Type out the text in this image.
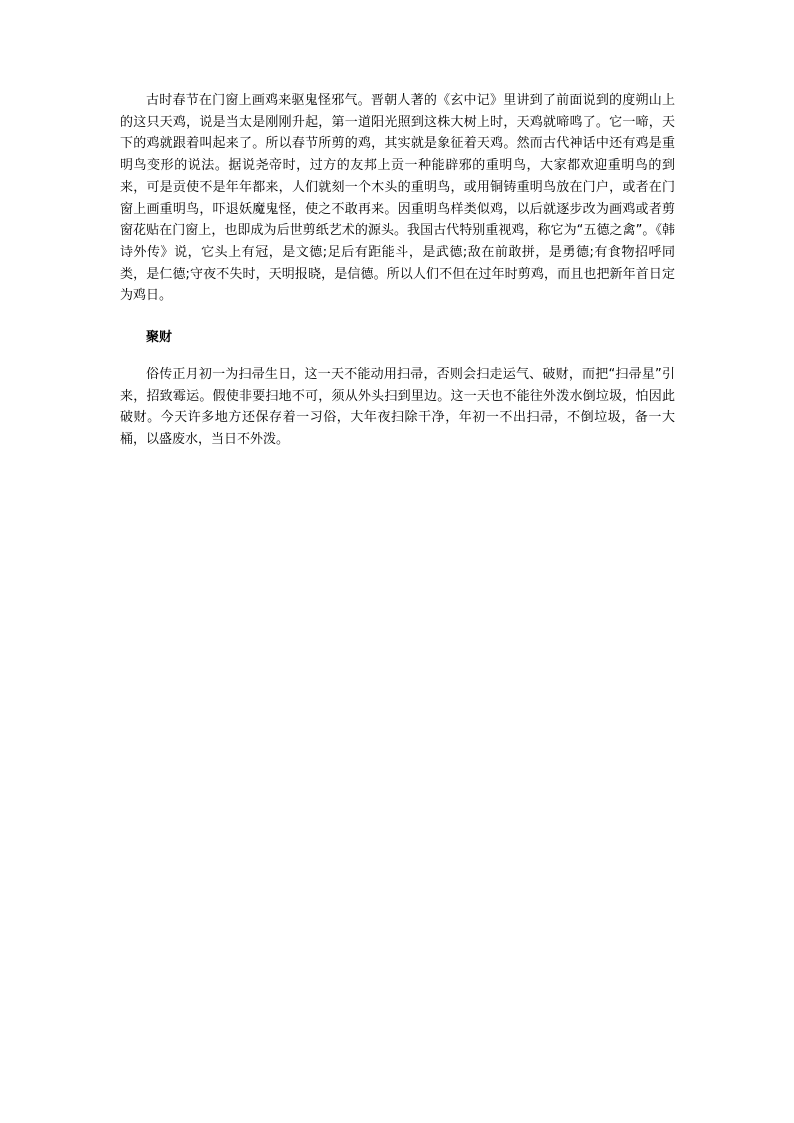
古时春节在门窗上画鸡来驱鬼怪邪气。晋朝人著的《玄中记》里讲到了前面说到的度朔山上的这只天鸡，说是当太是刚刚升起，第一道阳光照到这株大树上时，天鸡就啼鸣了。它一啼，天下的鸡就跟着叫起来了。所以春节所剪的鸡，其实就是象征着天鸡。然而古代神话中还有鸡是重明鸟变形的说法。据说尧帝时，过方的友邦上贡一种能辟邪的重明鸟，大家都欢迎重明鸟的到来，可是贡使不是年年都来，人们就刻一个木头的重明鸟，或用铜铸重明鸟放在门户，或者在门窗上画重明鸟，吓退妖魔鬼怪，使之不敢再来。因重明鸟样类似鸡，以后就逐步改为画鸡或者剪窗花贴在门窗上，也即成为后世剪纸艺术的源头。我国古代特别重视鸡，称它为“五德之禽”。《韩诗外传》说，它头上有冠，是文德;足后有距能斗，是武德;敌在前敢拼，是勇德;有食物招呼同类，是仁德;守夜不失时，天明报晓，是信德。所以人们不但在过年时剪鸡，而且也把新年首日定为鸡日。

聚财

俗传正月初一为扫帚生日，这一天不能动用扫帚，否则会扫走运气、破财，而把“扫帚星”引来，招致霉运。假使非要扫地不可，须从外头扫到里边。这一天也不能往外泼水倒垃圾，怕因此破财。今天许多地方还保存着一习俗，大年夜扫除干净，年初一不出扫帚，不倒垃圾，备一大桶，以盛废水，当日不外泼。
